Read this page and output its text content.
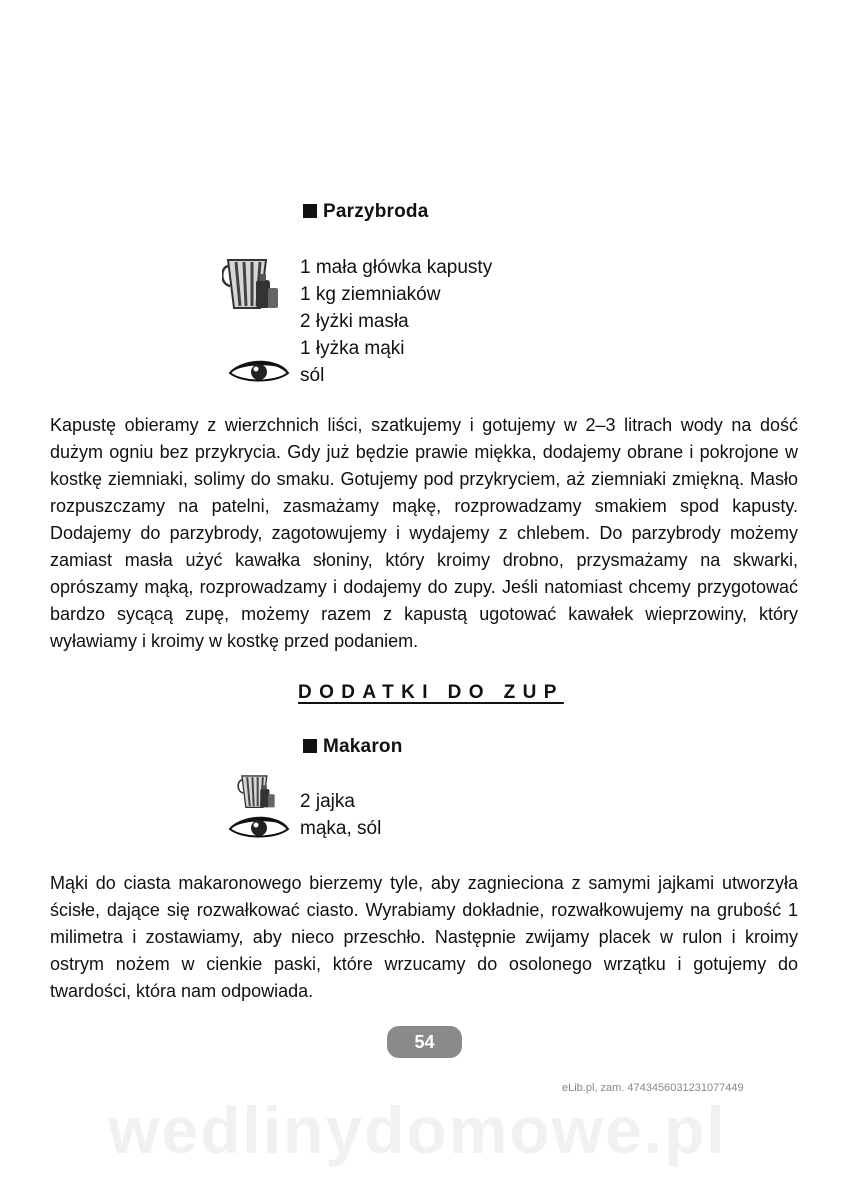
Parzybroda
1 mała główka kapusty
1 kg ziemniaków
2 łyżki masła
1 łyżka mąki
sól

Kapustę obieramy z wierzchnich liści, szatkujemy i gotujemy w 2–3 litrach wody na dość dużym ogniu bez przykrycia. Gdy już będzie prawie miękka, dodajemy obrane i pokrojone w kostkę ziemniaki, solimy do smaku. Gotujemy pod przykryciem, aż ziemniaki zmiękną. Masło rozpuszczamy na patelni, zasmażamy mąkę, rozprowadzamy smakiem spod kapusty. Dodajemy do parzybrody, zagotowujemy i wydajemy z chlebem. Do parzybrody możemy zamiast masła użyć kawałka słoniny, który kroimy drobno, przysmażamy na skwarki, oprószamy mąką, rozprowadzamy i dodajemy do zupy. Jeśli natomiast chcemy przygotować bardzo sycącą zupę, możemy razem z kapustą ugotować kawałek wieprzowiny, który wyławiamy i kroimy w kostkę przed podaniem.

DODATKI DO ZUP
Makaron
2 jajka
mąka, sól

Mąki do ciasta makaronowego bierzemy tyle, aby zagnieciona z samymi jajkami utworzyła ścisłe, dające się rozwałkować ciasto. Wyrabiamy dokładnie, rozwałkowujemy na grubość 1 milimetra i zostawiamy, aby nieco przeschło. Następnie zwijamy placek w rulon i kroimy ostrym nożem w cienkie paski, które wrzucamy do osolonego wrzątku i gotujemy do twardości, która nam odpowiada.

54
eLib.pl, zam. 4743456031231077449
wedlinydomowe.pl
